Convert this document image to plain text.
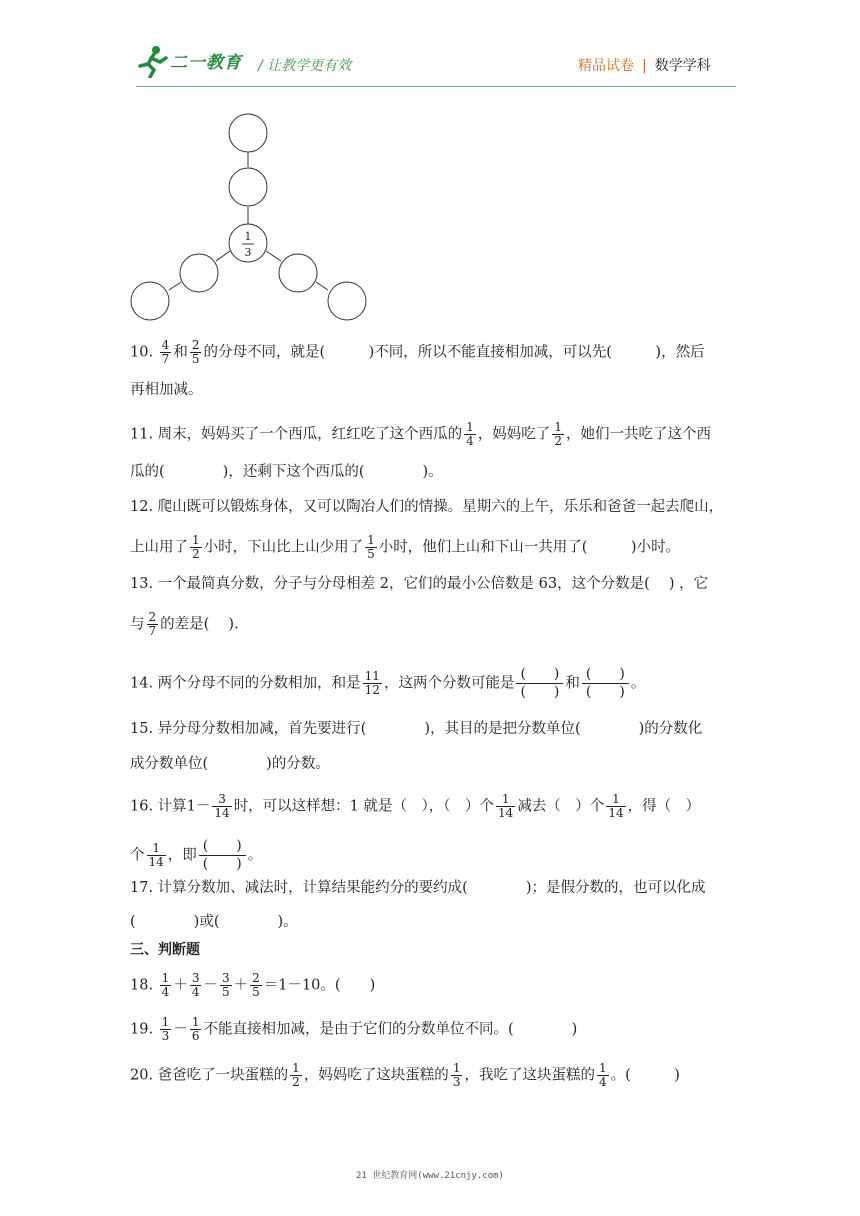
二一教育 / 让教学更有效	精品试卷 | 数学学科
1
3
10. $\frac{4}{7}$ 和 $\frac{2}{5}$ 的分母不同，就是(　　　)不同，所以不能直接相加减，可以先(　　　)，然后
再相加减。
11. 周末，妈妈买了一个西瓜，红红吃了这个西瓜的 $\frac{1}{4}$ ，妈妈吃了 $\frac{1}{2}$ ，她们一共吃了这个西
瓜的(　　　　)，还剩下这个西瓜的(　　　　)。
12. 爬山既可以锻炼身体，又可以陶冶人们的情操。星期六的上午，乐乐和爸爸一起去爬山，
上山用了 $\frac{1}{2}$ 小时，下山比上山少用了 $\frac{1}{5}$ 小时，他们上山和下山一共用了(　　　)小时。
13. 一个最简真分数，分子与分母相差 2，它们的最小公倍数是 63，这个分数是(　 ) ，它
与 $\frac{2}{7}$ 的差是(　 ).
14. 两个分母不同的分数相加，和是 $\frac{11}{12}$ ，这两个分数可能是
(　　)
(　　)
和
(　　)
(　　)
。
15. 异分母分数相加减，首先要进行(　　　　)，其目的是把分数单位(　　　　)的分数化
成分数单位(　　　　)的分数。
16. 计算$1- \frac{3}{14}$ 时，可以这样想：1 就是（　），（　）个 $\frac{1}{14}$ 减去（　）个 $\frac{1}{14}$ ，得（　）
个 $\frac{1}{14}$ ，即
(　　)
(　　)
。
17. 计算分数加、减法时，计算结果能约分的要约成(　　　　)；是假分数的，也可以化成
(　　　　)或(　　　　)。
三、判断题
18. $\frac{1}{4} + \frac{3}{4} - \frac{3}{5} + \frac{2}{5} =1-10$。(　　)
19. $\frac{1}{3} - \frac{1}{6}$ 不能直接相加减，是由于它们的分数单位不同。(　　　　)
20. 爸爸吃了一块蛋糕的 $\frac{1}{2}$ ，妈妈吃了这块蛋糕的 $\frac{1}{3}$ ，我吃了这块蛋糕的 $\frac{1}{4}$ 。(　　　)
21 世纪教育网(www.21cnjy.com)
